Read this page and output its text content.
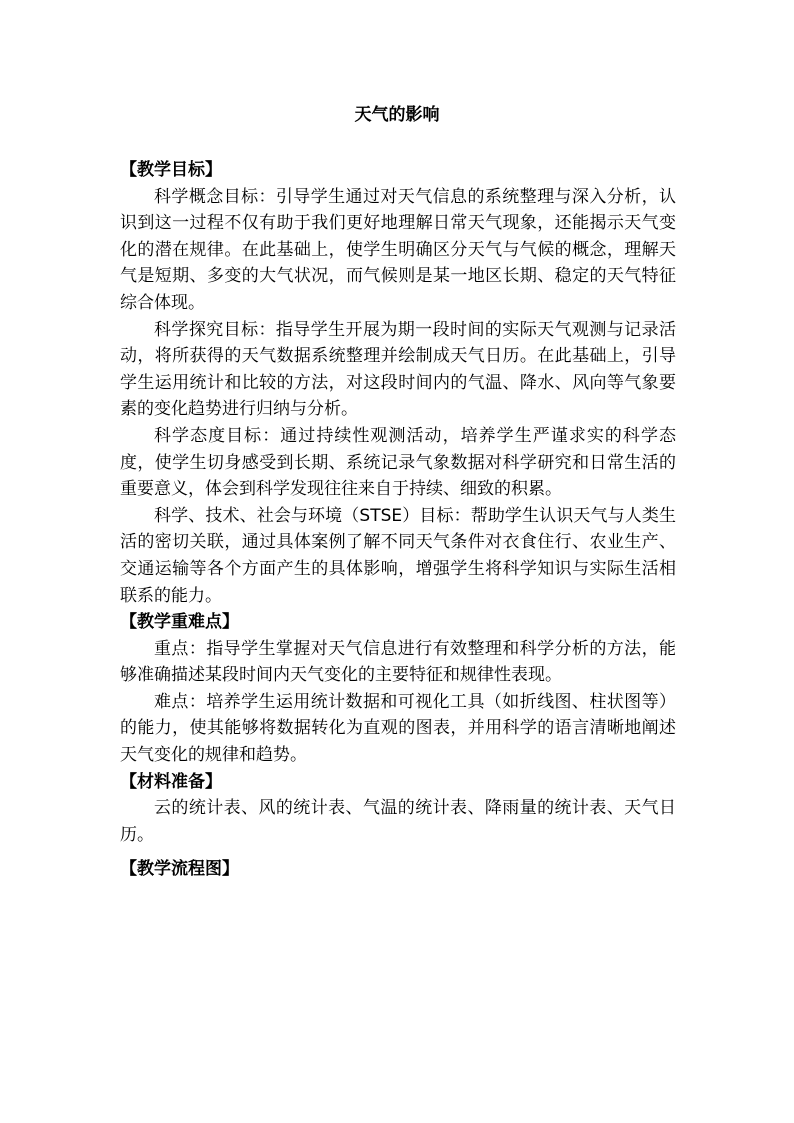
天气的影响

【教学目标】

科学概念目标：引导学生通过对天气信息的系统整理与深入分析，认识到这一过程不仅有助于我们更好地理解日常天气现象，还能揭示天气变化的潜在规律。在此基础上，使学生明确区分天气与气候的概念，理解天气是短期、多变的大气状况，而气候则是某一地区长期、稳定的天气特征综合体现。

科学探究目标：指导学生开展为期一段时间的实际天气观测与记录活动，将所获得的天气数据系统整理并绘制成天气日历。在此基础上，引导学生运用统计和比较的方法，对这段时间内的气温、降水、风向等气象要素的变化趋势进行归纳与分析。

科学态度目标：通过持续性观测活动，培养学生严谨求实的科学态度，使学生切身感受到长期、系统记录气象数据对科学研究和日常生活的重要意义，体会到科学发现往往来自于持续、细致的积累。

科学、技术、社会与环境（STSE）目标：帮助学生认识天气与人类生活的密切关联，通过具体案例了解不同天气条件对衣食住行、农业生产、交通运输等各个方面产生的具体影响，增强学生将科学知识与实际生活相联系的能力。

【教学重难点】

重点：指导学生掌握对天气信息进行有效整理和科学分析的方法，能够准确描述某段时间内天气变化的主要特征和规律性表现。

难点：培养学生运用统计数据和可视化工具（如折线图、柱状图等）的能力，使其能够将数据转化为直观的图表，并用科学的语言清晰地阐述天气变化的规律和趋势。

【材料准备】

云的统计表、风的统计表、气温的统计表、降雨量的统计表、天气日历。

【教学流程图】
